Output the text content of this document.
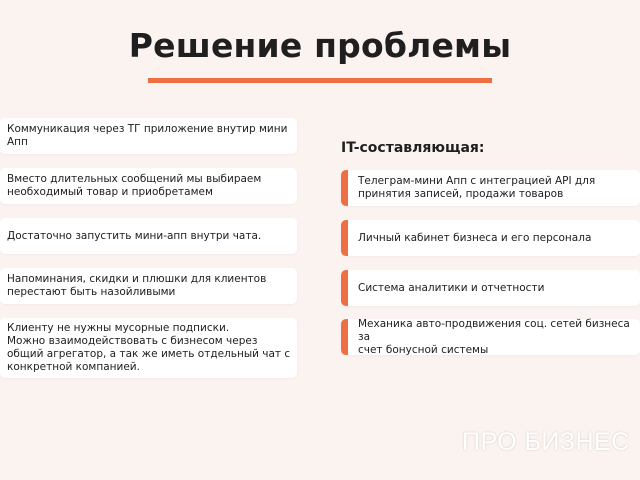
Решение проблемы
Коммуникация через ТГ приложение внутир мини
Апп
Вместо длительных сообщений мы выбираем
необходимый товар и приобретамем
Достаточно запустить мини-апп внутри чата.
Напоминания, скидки и плюшки для клиентов
перестают быть назойливыми
Клиенту не нужны мусорные подписки.
Можно взаимодействовать с бизнесом через
общий агрегатор, а так же иметь отдельный чат с
конкретной компанией.
IT-составляющая:
Телеграм-мини Апп с интеграцией API для
принятия записей, продажи товаров
Личный кабинет бизнеса и его персонала
Система аналитики и отчетности
Механика авто-продвижения соц. сетей бизнеса за
счет бонусной системы
ПРО БИЗНЕС
